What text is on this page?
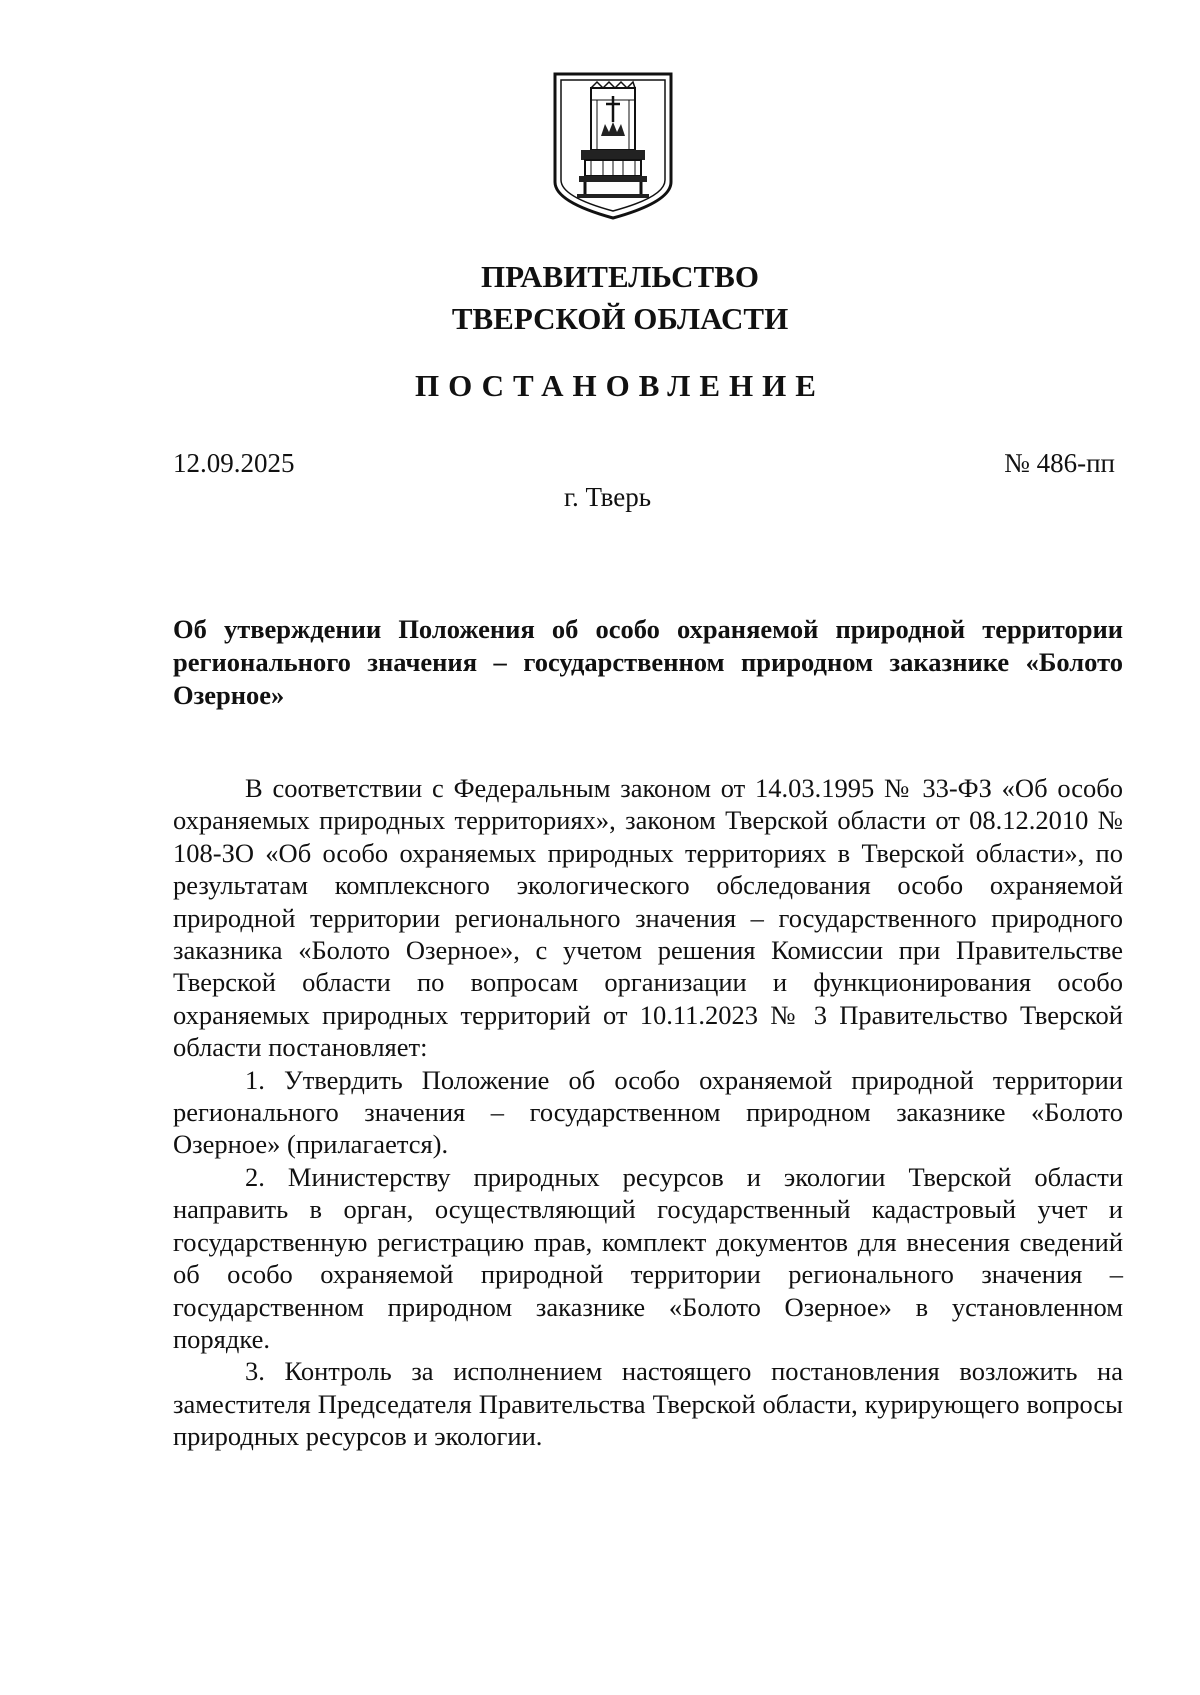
ПРАВИТЕЛЬСТВО
ТВЕРСКОЙ ОБЛАСТИ
ПОСТАНОВЛЕНИЕ
12.09.2025	№ 486-пп
г. Тверь
Об утверждении Положения об особо охраняемой природной территории регионального значения – государственном природном заказнике «Болото Озерное»

В соответствии с Федеральным законом от 14.03.1995 № 33-ФЗ «Об особо охраняемых природных территориях», законом Тверской области от 08.12.2010 № 108-ЗО «Об особо охраняемых природных территориях в Тверской области», по результатам комплексного экологического обследования особо охраняемой природной территории регионального значения – государственного природного заказника «Болото Озерное», с учетом решения Комиссии при Правительстве Тверской области по вопросам организации и функционирования особо охраняемых природных территорий от 10.11.2023 № 3 Правительство Тверской области постановляет:

1. Утвердить Положение об особо охраняемой природной территории регионального значения – государственном природном заказнике «Болото Озерное» (прилагается).

2. Министерству природных ресурсов и экологии Тверской области направить в орган, осуществляющий государственный кадастровый учет и государственную регистрацию прав, комплект документов для внесения сведений об особо охраняемой природной территории регионального значения – государственном природном заказнике «Болото Озерное» в установленном порядке.

3. Контроль за исполнением настоящего постановления возложить на заместителя Председателя Правительства Тверской области, курирующего вопросы природных ресурсов и экологии.
